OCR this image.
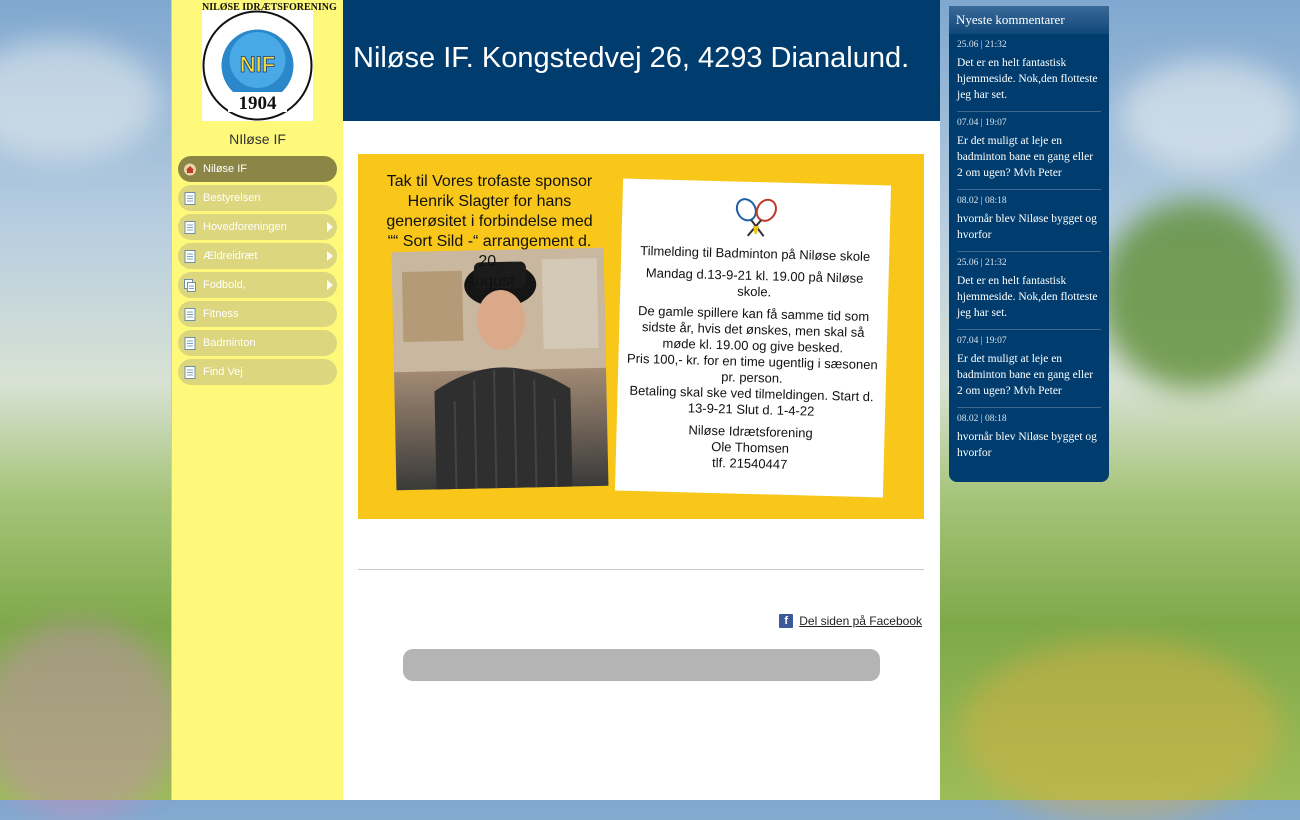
NILØSE IDRÆTSFORENING
NIF
1904
NIløse IF
Niløse IF
Bestyrelsen
Hovedforeningen
Ældreidræt
Fodbold,
Fitness
Badminton
Find Vej
Niløse IF. Kongstedvej 26, 4293 Dianalund.
Tak til Vores trofaste sponsor
Henrik Slagter for hans
generøsitet i forbindelse med
““ Sort Sild -“ arrangement d. 20.
August

Tilmelding til Badminton på Niløse skole

Mandag d.13-9-21 kl. 19.00 på Niløse skole.

De gamle spillere kan få samme tid som sidste år, hvis det ønskes, men skal så møde kl. 19.00 og give besked.

Pris 100,- kr. for en time ugentlig i sæsonen pr. person.

Betaling skal ske ved tilmeldingen. Start d. 13-9-21 Slut d. 1-4-22

Niløse Idrætsforening
Ole Thomsen
tlf. 21540447

f Del siden på Facebook
Nyeste kommentarer
25.06 | 21:32
Det er en helt fantastisk hjemmeside. Nok,den flotteste jeg har set.
07.04 | 19:07
Er det muligt at leje en badminton bane en gang eller 2 om ugen? Mvh Peter
08.02 | 08:18
hvornår blev Niløse bygget og hvorfor
25.06 | 21:32
Det er en helt fantastisk hjemmeside. Nok,den flotteste jeg har set.
07.04 | 19:07
Er det muligt at leje en badminton bane en gang eller 2 om ugen? Mvh Peter
08.02 | 08:18
hvornår blev Niløse bygget og hvorfor
